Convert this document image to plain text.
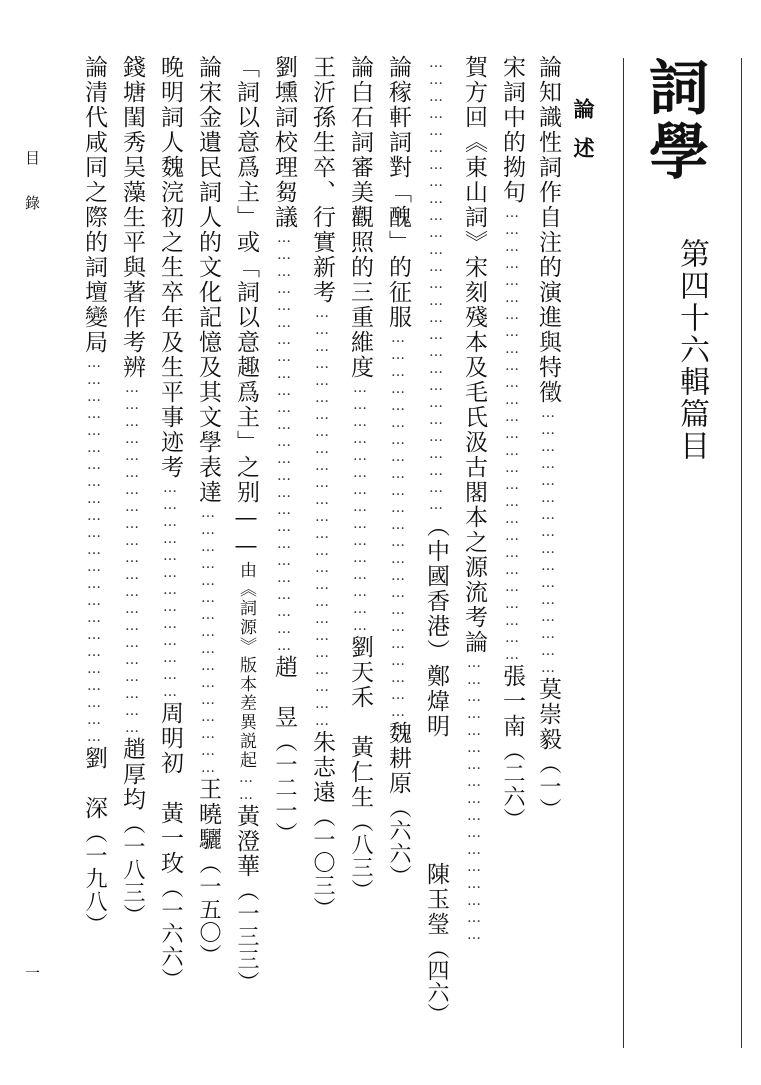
詞學
第四十六輯篇目
論述
論知識性詞作自注的演進與特徵…………………………………………莫崇毅（一）
宋詞中的拗句………………………………………………………………………張一南（二六）
賀方回《東山詞》宋刻殘本及毛氏汲古閣本之源流考論……………………………………………
………………………………………………………………………（中國香港）鄭煒明
陳玉瑩（四六）
論稼軒詞對「醜」的征服……………………………………………………………魏耕原（六六）
論白石詞審美觀照的三重維度………………………………………劉天禾　黃仁生（八三）
王沂孫生卒、行實新考…………………………………………………………………朱志遠（一〇三）
劉壎詞校理芻議…………………………………………………………………趙　昱（一二一）
「詞以意爲主」或「詞以意趣爲主」之别——由《詞源》版本差異説起……黃澄華（一三三）
論宋金遺民詞人的文化記憶及其文學表達…………………………………………王曉驪（一五〇）
晚明詞人魏浣初之生卒年及生平事迹考…………………………………周明初　黃一玫（一六六）
錢塘閨秀吴藻生平與著作考辨………………………………………………………趙厚均（一八三）
論清代咸同之際的詞壇變局……………………………………………………………劉　深（一九八）
目錄
一
